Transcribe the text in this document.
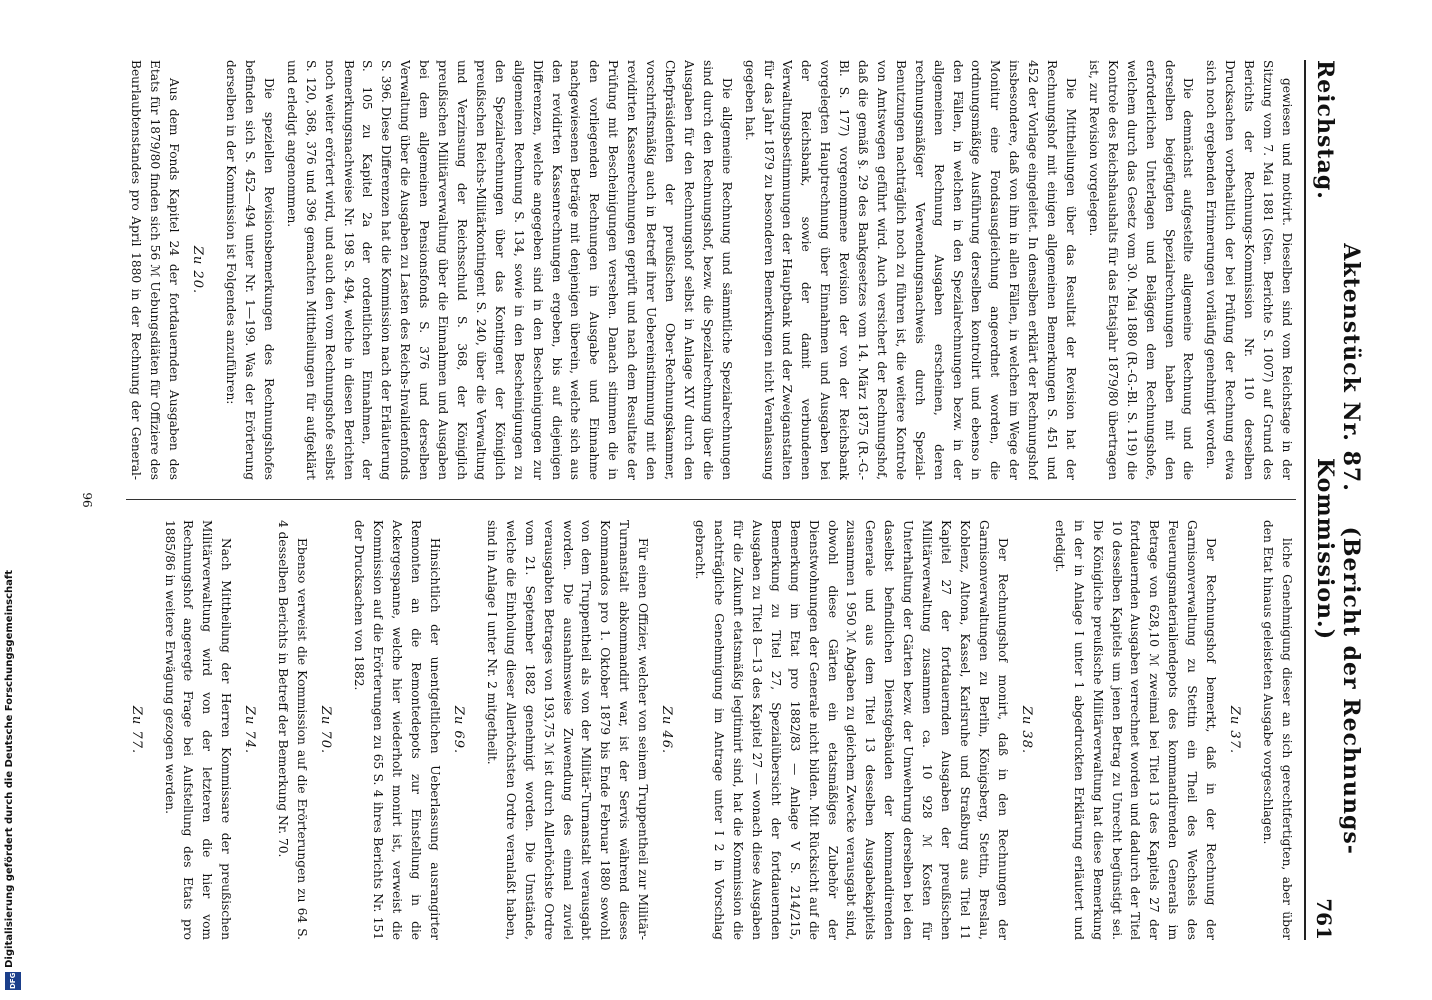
Reichstag.
Aktenstück Nr. 87.    (Bericht der Rechnungs-Kommission.)
761

gewiesen und motivirt. Dieselben sind vom Reichstage in der Sitzung vom 7. Mai 1881 (Sten. Berichte S. 1007) auf Grund des Berichts der Rechnungs-Kommission Nr. 110 derselben Drucksachen vorbehaltlich der bei Prüfung der Rechnung etwa sich noch ergebenden Erinnerungen vorläufig genehmigt worden.

Die demnächst aufgestellte allgemeine Rechnung und die derselben beigefügten Spezialrechnungen haben mit den erforderlichen Unterlagen und Beläggen dem Rechnungshofe, welchem durch das Gesetz vom 30. Mai 1880 (R.-G.-Bl. S. 119) die Kontrole des Reichshaushalts für das Etatsjahr 1879/80 übertragen ist, zur Revision vorgelegen.

Die Mittheilungen über das Resultat der Revision hat der Rechnungshof mit einigen allgemeinen Bemerkungen S. 451 und 452 der Vorlage eingeleitet. In denselben erklärt der Rechnungshof insbesondere, daß von ihm in allen Fällen, in welchen im Wege der Monitur eine Fondsausgleichung angeordnet worden, die ordnungsmäßige Ausführung derselben kontrolirt und ebenso in den Fällen, in welchen in den Spezialrechnungen bezw. in der allgemeinen Rechnung Ausgaben erscheinen, deren rechnungsmäßiger Verwendungsnachweis durch Spezial-Benutzungen nachträglich noch zu führen ist, die weitere Kontrole von Amtswegen geführt wird. Auch versichert der Rechnungshof, daß die gemäß §. 29 des Bankgesetzes vom 14. März 1875 (R.-G.-Bl. S. 177) vorgenommene Revision der von der Reichsbank vorgelegten Hauptrechnung über Einnahmen und Ausgaben bei der Reichsbank, sowie der damit verbundenen Verwaltungsbestimmungen der Hauptbank und der Zweiganstalten für das Jahr 1879 zu besonderen Bemerkungen nicht Veranlassung gegeben hat.

Die allgemeine Rechnung und sämmtliche Spezialrechnungen sind durch den Rechnungshof, bezw. die Spezialrechnung über die Ausgaben für den Rechnungshof selbst in Anlage XIV durch den Chefpräsidenten der preußischen Ober-Rechnungskammer, vorschriftsmäßig auch in Betreff ihrer Uebereinstimmung mit den revidirten Kassenrechnungen geprüft und nach dem Resultate der Prüfung mit Bescheinigungen versehen. Danach stimmen die in den vorliegenden Rechnungen in Ausgabe und Einnahme nachgewiesenen Beträge mit denjenigen überein, welche sich aus den revidirten Kassenrechnungen ergeben, bis auf diejenigen Differenzen, welche angegeben sind in den Bescheinigungen zur allgemeinen Rechnung S. 134, sowie in den Bescheinigungen zu den Spezialrechnungen über das Kontingent der Königlich preußischen Reichs-Militärkontingent S. 240, über die Verwaltung und Verzinsung der Reichsschuld S. 368, der Königlich preußischen Militärverwaltung über die Einnahmen und Ausgaben bei dem allgemeinen Pensionsfonds S. 376 und derselben Verwaltung über die Ausgaben zu Lasten des Reichs-Invalidenfonds S. 396. Diese Differenzen hat die Kommission nach der Erläuterung S. 105 zu Kapitel 2a der ordentlichen Einnahmen, der Bemerkungsnachweise Nr. 198 S. 494, welche in diesen Berichten noch weiter erörtert wird, und auch den vom Rechnungshofe selbst S. 120, 368, 376 und 396 gemachten Mittheilungen für aufgeklärt und erledigt angenommen.

Die speziellen Revisionsbemerkungen des Rechnungshofes befinden sich S. 452—494 unter Nr. 1—199. Was der Erörterung derselben in der Kommission ist Folgendes anzuführen:

Zu 20.

Aus dem Fonds Kapitel 24 der fortdauernden Ausgaben des Etats für 1879/80 finden sich 56 ℳ Uebungsdiäten für Offiziere des Beurlaubtenstandes pro April 1880 in der Rechnung der General-

liche Genehmigung dieser an sich gerechtfertigten, aber über den Etat hinaus geleisteten Ausgabe vorgeschlagen.

Zu 37.

Der Rechnungshof bemerkt, daß in der Rechnung der Garnisonverwaltung zu Stettin ein Theil des Wechsels des Feuerungsmaterialiendepots des kommandirenden Generals im Betrage von 628,10 ℳ zweimal bei Titel 13 des Kapitels 27 der fortdauernden Ausgaben verrechnet worden und dadurch der Titel 10 desselben Kapitels um jenen Betrag zu Unrecht begünstigt sei. Die Königliche preußische Militärverwaltung hat diese Bemerkung in der in Anlage I unter 1 abgedruckten Erklärung erläutert und erledigt.

Zu 38.

Der Rechnungshof monirt, daß in den Rechnungen der Garnisonverwaltungen zu Berlin, Königsberg, Stettin, Breslau, Koblenz, Altona, Kassel, Karlsruhe und Straßburg aus Titel 11 Kapitel 27 der fortdauernden Ausgaben der preußischen Militärverwaltung zusammen ca. 10 928 ℳ Kosten für Unterhaltung der Gärten bezw. der Umwehrung derselben bei den daselbst befindlichen Dienstgebäuden der kommandirenden Generale und aus dem Titel 13 desselben Ausgabekapitels zusammen 1 950 ℳ Abgaben zu gleichem Zwecke verausgabt sind, obwohl diese Gärten ein etatsmäßiges Zubehör der Dienstwohnungen der Generale nicht bilden. Mit Rücksicht auf die Bemerkung im Etat pro 1882/83 — Anlage V S. 214/215, Bemerkung zu Titel 27, Spezialübersicht der fortdauernden Ausgaben zu Titel 8—13 des Kapitel 27 — wonach diese Ausgaben für die Zukunft etatsmäßig legitimirt sind, hat die Kommission die nachträgliche Genehmigung im Antrage unter I 2 in Vorschlag gebracht.

Zu 46.

Für einen Offizier, welcher von seinem Truppentheil zur Militär-Turnanstalt abkommandirt war, ist der Servis während dieses Kommandos pro 1. Oktober 1879 bis Ende Februar 1880 sowohl von dem Truppentheil als von der Militär-Turnanstalt verausgabt worden. Die ausnahmsweise Zuwendung des einmal zuviel verausgabten Betrages von 193,75 ℳ ist durch Allerhöchste Ordre vom 21. September 1882 genehmigt worden. Die Umstände, welche die Einholung dieser Allerhöchsten Ordre veranlaßt haben, sind in Anlage I unter Nr. 2 mitgetheilt.

Zu 69.

Hinsichtlich der unentgeltlichen Ueberlassung ausrangirter Remonten an die Remontedepots zur Einstellung in die Ackergespanne, welche hier wiederholt monirt ist, verweist die Kommission auf die Erörterungen zu 65 S. 4 ihres Berichts Nr. 151 der Drucksachen von 1882.

Zu 70.

Ebenso verweist die Kommission auf die Erörterungen zu 64 S. 4 desselben Berichts in Betreff der Bemerkung Nr. 70.

Zu 74.

Nach Mittheilung der Herren Kommissare der preußischen Militärverwaltung wird von der letzteren die hier vom Rechnungshof angeregte Frage bei Aufstellung des Etats pro 1885/86 in weitere Erwägung gezogen werden.

Zu 77.

96
Digitalisierung gefördert durch die Deutsche Forschungsgemeinschaft
DFG
